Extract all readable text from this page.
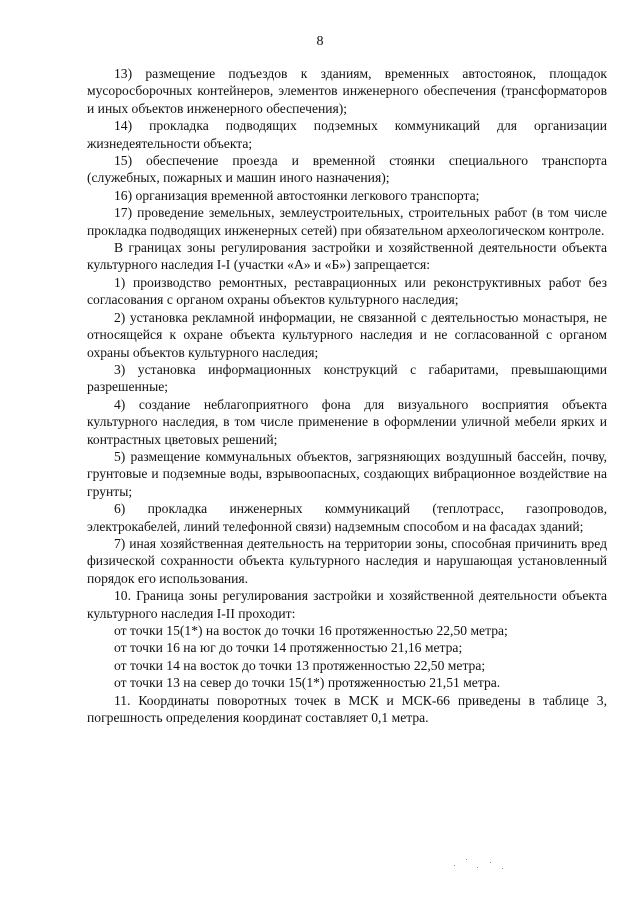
8

13) размещение подъездов к зданиям, временных автостоянок, площадок мусоросборочных контейнеров, элементов инженерного обеспечения (трансформаторов и иных объектов инженерного обеспечения);

14) прокладка подводящих подземных коммуникаций для организации жизнедеятельности объекта;

15) обеспечение проезда и временной стоянки специального транспорта (служебных, пожарных и машин иного назначения);

16) организация временной автостоянки легкового транспорта;

17) проведение земельных, землеустроительных, строительных работ (в том числе прокладка подводящих инженерных сетей) при обязательном археологическом контроле.

В границах зоны регулирования застройки и хозяйственной деятельности объекта культурного наследия I-I (участки «А» и «Б») запрещается:

1) производство ремонтных, реставрационных или реконструктивных работ без согласования с органом охраны объектов культурного наследия;

2) установка рекламной информации, не связанной с деятельностью монастыря, не относящейся к охране объекта культурного наследия и не согласованной с органом охраны объектов культурного наследия;

3) установка информационных конструкций с габаритами, превышающими разрешенные;

4) создание неблагоприятного фона для визуального восприятия объекта культурного наследия, в том числе применение в оформлении уличной мебели ярких и контрастных цветовых решений;

5) размещение коммунальных объектов, загрязняющих воздушный бассейн, почву, грунтовые и подземные воды, взрывоопасных, создающих вибрационное воздействие на грунты;

6) прокладка инженерных коммуникаций (теплотрасс, газопроводов, электрокабелей, линий телефонной связи) надземным способом и на фасадах зданий;

7) иная хозяйственная деятельность на территории зоны, способная причинить вред физической сохранности объекта культурного наследия и нарушающая установленный порядок его использования.

10. Граница зоны регулирования застройки и хозяйственной деятельности объекта культурного наследия I-II проходит:

от точки 15(1*) на восток до точки 16 протяженностью 22,50 метра;

от точки 16 на юг до точки 14 протяженностью 21,16 метра;

от точки 14 на восток до точки 13 протяженностью 22,50 метра;

от точки 13 на север до точки 15(1*) протяженностью 21,51 метра.

11. Координаты поворотных точек в МСК и МСК-66 приведены в таблице 3, погрешность определения координат составляет 0,1 метра.
